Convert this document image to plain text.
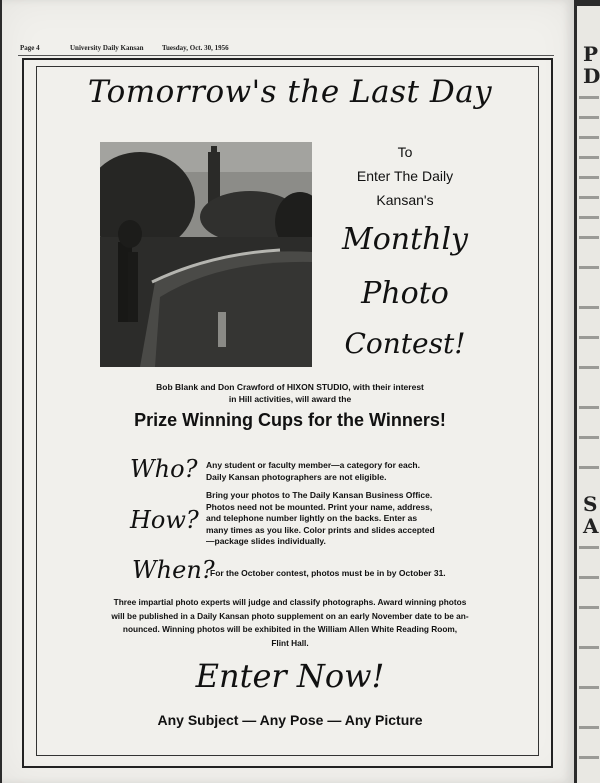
P
D
S
A
Page 4	University Daily Kansan	Tuesday, Oct. 30, 1956
Tomorrow's the Last Day
To
Enter The Daily
Kansan's
Monthly
Photo
Contest!
Bob Blank and Don Crawford of HIXON STUDIO, with their interest
in Hill activities, will award the
Prize Winning Cups for the Winners!
Who? Any student or faculty member—a category for each.
Daily Kansan photographers are not eligible.
How?
Bring your photos to The Daily Kansan Business Office.
Photos need not be mounted. Print your name, address,
and telephone number lightly on the backs. Enter as
many times as you like. Color prints and slides accepted
—package slides individually.
When?
For the October contest, photos must be in by October 31.
Three impartial photo experts will judge and classify photographs. Award winning photos
will be published in a Daily Kansan photo supplement on an early November date to be an-
nounced. Winning photos will be exhibited in the William Allen White Reading Room,
Flint Hall.
Enter Now!
Any Subject — Any Pose — Any Picture
